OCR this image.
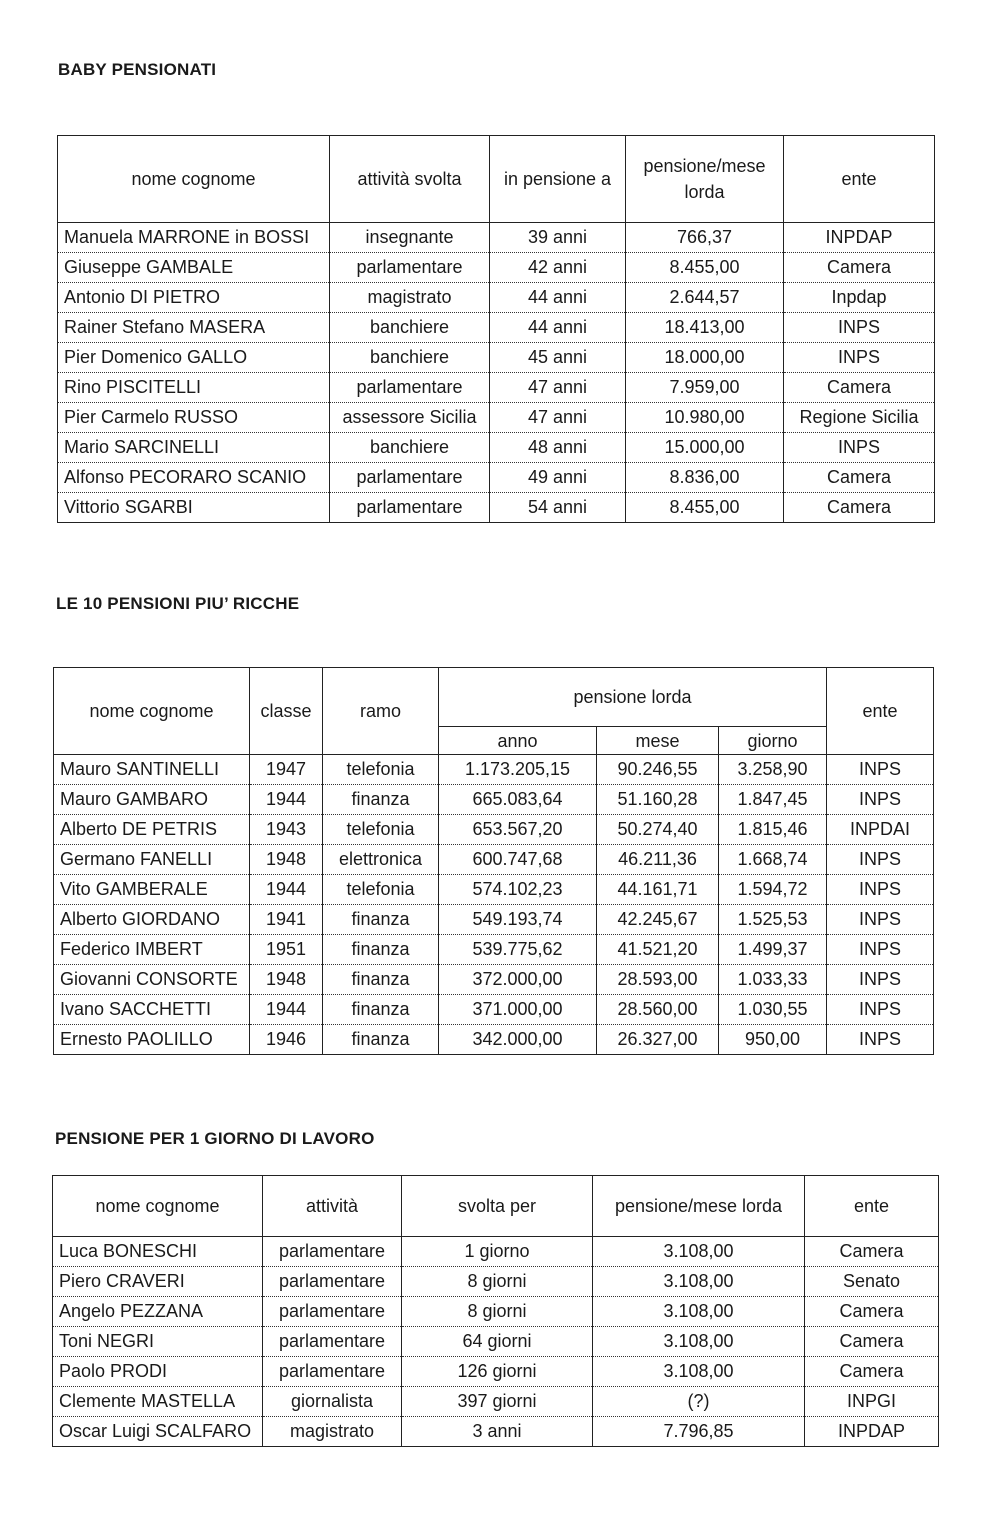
BABY PENSIONATI
nome cognome	attività svolta	in pensione a	pensione/mese lorda	ente
Manuela MARRONE in BOSSI	insegnante	39 anni	766,37	INPDAP
Giuseppe GAMBALE	parlamentare	42 anni	8.455,00	Camera
Antonio DI PIETRO	magistrato	44 anni	2.644,57	Inpdap
Rainer Stefano MASERA	banchiere	44 anni	18.413,00	INPS
Pier Domenico GALLO	banchiere	45 anni	18.000,00	INPS
Rino PISCITELLI	parlamentare	47 anni	7.959,00	Camera
Pier Carmelo RUSSO	assessore Sicilia	47 anni	10.980,00	Regione Sicilia
Mario SARCINELLI	banchiere	48 anni	15.000,00	INPS
Alfonso PECORARO SCANIO	parlamentare	49 anni	8.836,00	Camera
Vittorio SGARBI	parlamentare	54 anni	8.455,00	Camera
LE 10 PENSIONI PIU’ RICCHE
nome cognome	classe	ramo	pensione lorda			ente
			anno	mese	giorno	
Mauro SANTINELLI	1947	telefonia	1.173.205,15	90.246,55	3.258,90	INPS
Mauro GAMBARO	1944	finanza	665.083,64	51.160,28	1.847,45	INPS
Alberto DE PETRIS	1943	telefonia	653.567,20	50.274,40	1.815,46	INPDAI
Germano FANELLI	1948	elettronica	600.747,68	46.211,36	1.668,74	INPS
Vito GAMBERALE	1944	telefonia	574.102,23	44.161,71	1.594,72	INPS
Alberto GIORDANO	1941	finanza	549.193,74	42.245,67	1.525,53	INPS
Federico IMBERT	1951	finanza	539.775,62	41.521,20	1.499,37	INPS
Giovanni CONSORTE	1948	finanza	372.000,00	28.593,00	1.033,33	INPS
Ivano SACCHETTI	1944	finanza	371.000,00	28.560,00	1.030,55	INPS
Ernesto PAOLILLO	1946	finanza	342.000,00	26.327,00	950,00	INPS
PENSIONE PER 1 GIORNO DI LAVORO
nome cognome	attività	svolta per	pensione/mese lorda	ente
Luca BONESCHI	parlamentare	1 giorno	3.108,00	Camera
Piero CRAVERI	parlamentare	8 giorni	3.108,00	Senato
Angelo PEZZANA	parlamentare	8 giorni	3.108,00	Camera
Toni NEGRI	parlamentare	64 giorni	3.108,00	Camera
Paolo PRODI	parlamentare	126 giorni	3.108,00	Camera
Clemente MASTELLA	giornalista	397 giorni	(?)	INPGI
Oscar Luigi SCALFARO	magistrato	3 anni	7.796,85	INPDAP
